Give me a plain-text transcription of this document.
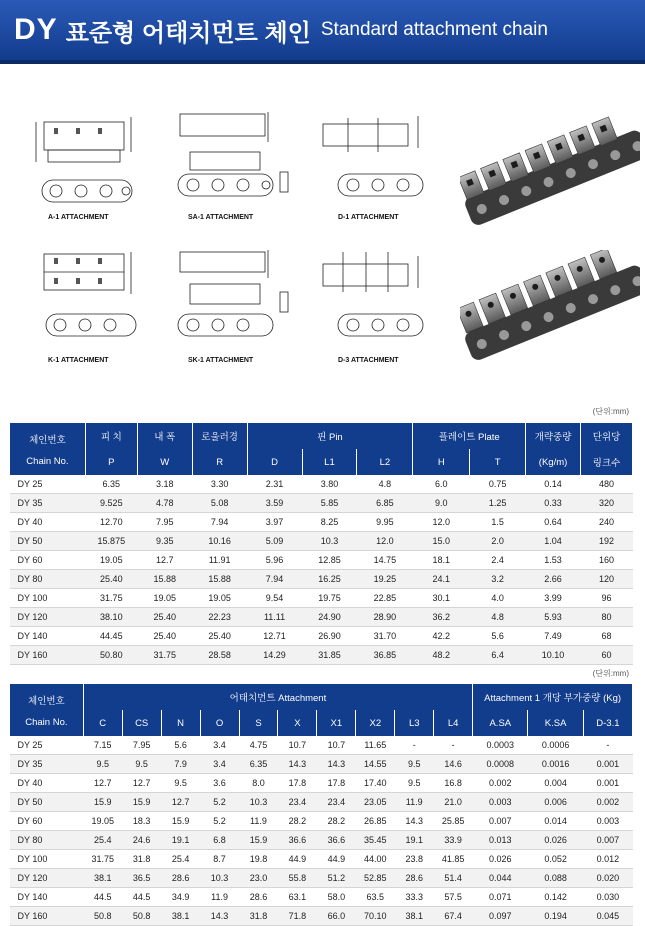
DY 표준형 어태치먼트 체인 Standard attachment chain
A-1 ATTACHMENT	SA-1 ATTACHMENT	D-1 ATTACHMENT
K-1 ATTACHMENT	SK-1 ATTACHMENT	D-3 ATTACHMENT
(단위:mm)
체인번호
Chain No.	피 치	내 폭	로울러경	핀 Pin			플레이트 Plate		개략중량	단위당
	P	W	R	D	L1	L2	H	T	(Kg/m)	링크수
DY 25	6.35	3.18	3.30	2.31	3.80	4.8	6.0	0.75	0.14	480
DY 35	9.525	4.78	5.08	3.59	5.85	6.85	9.0	1.25	0.33	320
DY 40	12.70	7.95	7.94	3.97	8.25	9.95	12.0	1.5	0.64	240
DY 50	15.875	9.35	10.16	5.09	10.3	12.0	15.0	2.0	1.04	192
DY 60	19.05	12.7	11.91	5.96	12.85	14.75	18.1	2.4	1.53	160
DY 80	25.40	15.88	15.88	7.94	16.25	19.25	24.1	3.2	2.66	120
DY 100	31.75	19.05	19.05	9.54	19.75	22.85	30.1	4.0	3.99	96
DY 120	38.10	25.40	22.23	11.11	24.90	28.90	36.2	4.8	5.93	80
DY 140	44.45	25.40	25.40	12.71	26.90	31.70	42.2	5.6	7.49	68
DY 160	50.80	31.75	28.58	14.29	31.85	36.85	48.2	6.4	10.10	60
(단위:mm)
체인번호
Chain No.	어태치먼트 Attachment										Attachment 1 개당 부가중량 (Kg)		
	C	CS	N	O	S	X	X1	X2	L3	L4	A.SA	K.SA	D-3.1
DY 25	7.15	7.95	5.6	3.4	4.75	10.7	10.7	11.65	-	-	0.0003	0.0006	-
DY 35	9.5	9.5	7.9	3.4	6.35	14.3	14.3	14.55	9.5	14.6	0.0008	0.0016	0.001
DY 40	12.7	12.7	9.5	3.6	8.0	17.8	17.8	17.40	9.5	16.8	0.002	0.004	0.001
DY 50	15.9	15.9	12.7	5.2	10.3	23.4	23.4	23.05	11.9	21.0	0.003	0.006	0.002
DY 60	19.05	18.3	15.9	5.2	11.9	28.2	28.2	26.85	14.3	25.85	0.007	0.014	0.003
DY 80	25.4	24.6	19.1	6.8	15.9	36.6	36.6	35.45	19.1	33.9	0.013	0.026	0.007
DY 100	31.75	31.8	25.4	8.7	19.8	44.9	44.9	44.00	23.8	41.85	0.026	0.052	0.012
DY 120	38.1	36.5	28.6	10.3	23.0	55.8	51.2	52.85	28.6	51.4	0.044	0.088	0.020
DY 140	44.5	44.5	34.9	11.9	28.6	63.1	58.0	63.5	33.3	57.5	0.071	0.142	0.030
DY 160	50.8	50.8	38.1	14.3	31.8	71.8	66.0	70.10	38.1	67.4	0.097	0.194	0.045
